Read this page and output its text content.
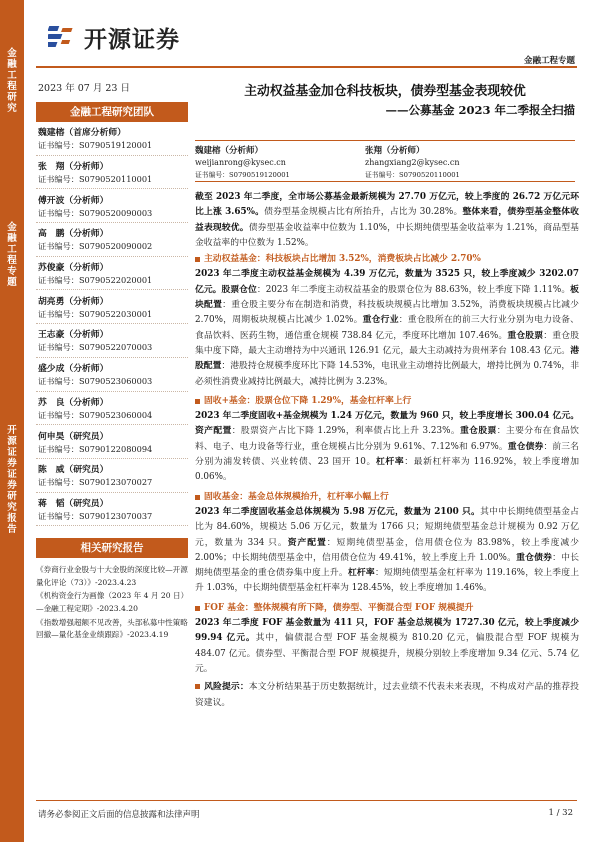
金
融
工
程
研
究
金
融
工
程
专
题
开
源
证
券
证
券
研
究
报
告
开源证券
金融工程专题
2023 年 07 月 23 日
金融工程研究团队
魏建榕（首席分析师）
证书编号：S0790519120001
张　翔（分析师）
证书编号：S0790520110001
傅开波（分析师）
证书编号：S0790520090003
高　鹏（分析师）
证书编号：S0790520090002
苏俊豪（分析师）
证书编号：S0790522020001
胡亮勇（分析师）
证书编号：S0790522030001
王志豪（分析师）
证书编号：S0790522070003
盛少成（分析师）
证书编号：S0790523060003
苏　良（分析师）
证书编号：S0790523060004
何申昊（研究员）
证书编号：S0790122080094
陈　威（研究员）
证书编号：S0790123070027
蒋　韬（研究员）
证书编号：S0790123070037
相关研究报告
《券商行业金股与十大金股的深度比较—开源量化评论（73）》-2023.4.23
《机构资金行为画像（2023 年 4 月 20 日）—金融工程定期》-2023.4.20
《指数增强超额不见改善，头部私募中性策略回撤—量化基金业绩跟踪》-2023.4.19
主动权益基金加仓科技板块，债券型基金表现较优
——公募基金 2023 年二季报全扫描
魏建榕（分析师）
weijianrong@kysec.cn
证书编号：S0790519120001
张翔（分析师）
zhangxiang2@kysec.cn
证书编号：S0790520110001
截至 2023 年二季度，全市场公募基金最新规模为 27.70 万亿元，较上季度的 26.72 万亿元环比上涨 3.65%。债券型基金规模占比有所抬升，占比为 30.28%。整体来看，债券型基金整体收益表现较优。债券型基金收益率中位数为 1.10%，中长期纯债型基金收益率为 1.21%，商品型基金收益率的中位数为 1.52%。
主动权益基金：科技板块占比增加 3.52%，消费板块占比减少 2.70%
2023 年二季度主动权益基金规模为 4.39 万亿元，数量为 3525 只，较上季度减少 3202.07 亿元。股票仓位：2023 年二季度主动权益基金的股票仓位为 88.63%，较上季度下降 1.11%。板块配置：重仓股主要分布在制造和消费，科技板块规模占比增加 3.52%，消费板块规模占比减少 2.70%，周期板块规模占比减少 1.02%。重仓行业：重仓股所在的前三大行业分别为电力设备、食品饮料、医药生物，通信重仓规模 738.84 亿元，季度环比增加 107.46%。重仓股票：重仓股集中度下降，最大主动增持为中兴通讯 126.91 亿元，最大主动减持为贵州茅台 108.43 亿元。港股配置：港股持仓规模季度环比下降 14.53%，电讯业主动增持比例最大，增持比例为 0.74%，非必须性消费业减持比例最大，减持比例为 3.23%。
固收+基金：股票仓位下降 1.29%，基金杠杆率上行
2023 年二季度固收+基金规模为 1.24 万亿元，数量为 960 只，较上季度增长 300.04 亿元。资产配置：股票资产占比下降 1.29%，利率债占比上升 3.23%。重仓股票：主要分布在食品饮料、电子、电力设备等行业，重仓规模占比分别为 9.61%、7.12%和 6.97%。重仓债券：前三名分别为浦发转债、兴业转债、23 国开 10。杠杆率：最新杠杆率为 116.92%，较上季度增加 0.06%。
固收基金：基金总体规模抬升，杠杆率小幅上行
2023 年二季度固收基金总体规模为 5.98 万亿元，数量为 2100 只。其中中长期纯债型基金占比为 84.60%，规模达 5.06 万亿元，数量为 1766 只；短期纯债型基金总计规模为 0.92 万亿元，数量为 334 只。资产配置：短期纯债型基金，信用债仓位为 83.98%，较上季度减少 2.00%；中长期纯债型基金中，信用债仓位为 49.41%，较上季度上升 1.00%。重仓债券：中长期纯债型基金的重仓债券集中度上升。杠杆率：短期纯债型基金杠杆率为 119.16%，较上季度上升 1.03%，中长期纯债型基金杠杆率为 128.45%，较上季度增加 1.46%。
FOF 基金：整体规模有所下降，债券型、平衡混合型 FOF 规模提升
2023 年二季度 FOF 基金数量为 411 只，FOF 基金总规模为 1727.30 亿元，较上季度减少 99.94 亿元。其中，偏债混合型 FOF 基金规模为 810.20 亿元，偏股混合型 FOF 规模为 484.07 亿元。债券型、平衡混合型 FOF 规模提升，规模分别较上季度增加 9.34 亿元、5.74 亿元。
风险提示：本文分析结果基于历史数据统计，过去业绩不代表未来表现，不构成对产品的推荐投资建议。
请务必参阅正文后面的信息披露和法律声明	1 / 32
